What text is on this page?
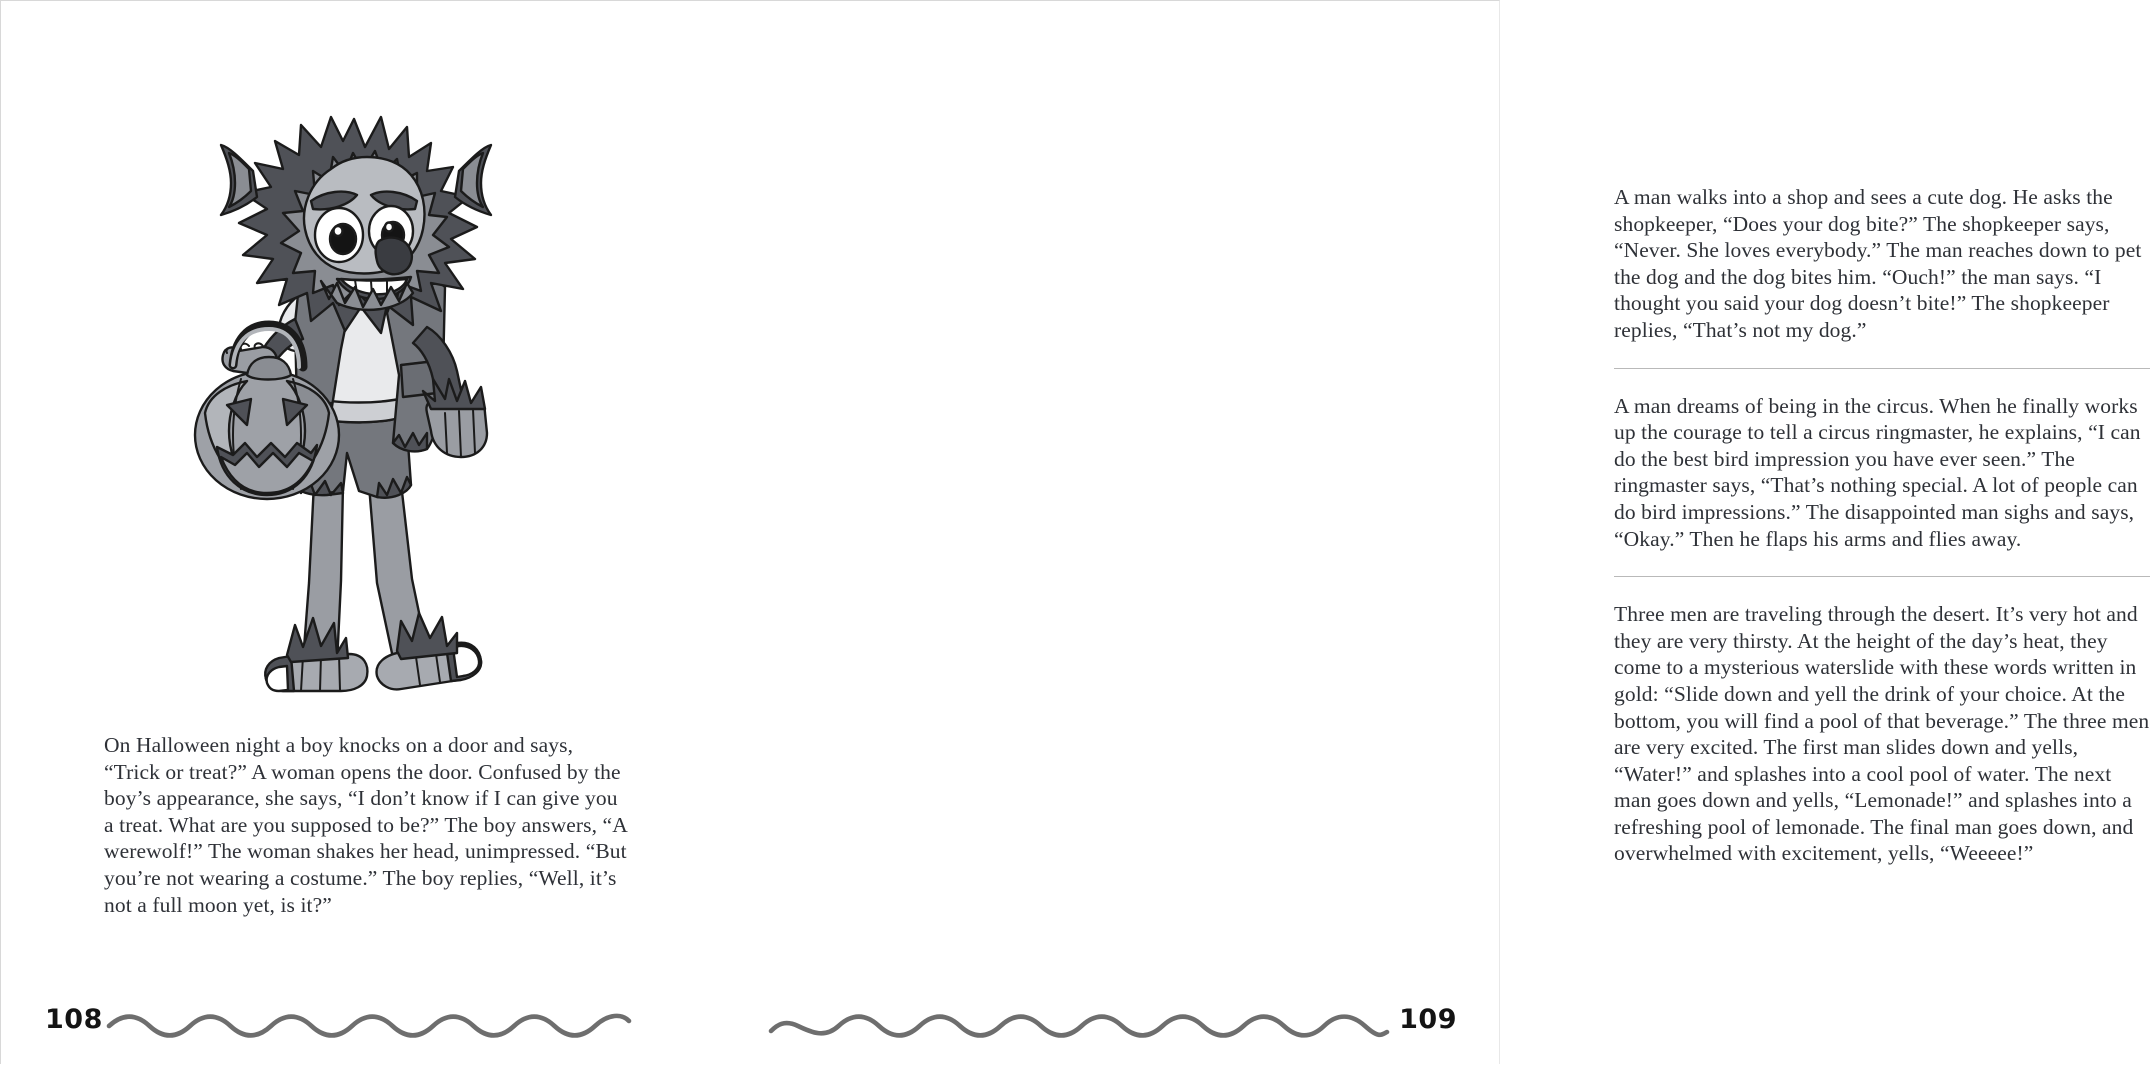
On Halloween night a boy knocks on a door and says, “Trick or treat?” A woman opens the door. Confused by the boy’s appearance, she says, “I don’t know if I can give you a treat. What are you supposed to be?” The boy answers, “A werewolf!” The woman shakes her head, unimpressed. “But you’re not wearing a costume.” The boy replies, “Well, it’s not a full moon yet, is it?”

108

A man walks into a shop and sees a cute dog. He asks the shopkeeper, “Does your dog bite?” The shopkeeper says, “Never. She loves everybody.” The man reaches down to pet the dog and the dog bites him. “Ouch!” the man says. “I thought you said your dog doesn’t bite!” The shopkeeper replies, “That’s not my dog.”

A man dreams of being in the circus. When he finally works up the courage to tell a circus ringmaster, he explains, “I can do the best bird impression you have ever seen.” The ringmaster says, “That’s nothing special. A lot of people can do bird impressions.” The disappointed man sighs and says, “Okay.” Then he flaps his arms and flies away.

Three men are traveling through the desert. It’s very hot and they are very thirsty. At the height of the day’s heat, they come to a mysterious waterslide with these words written in gold: “Slide down and yell the drink of your choice. At the bottom, you will find a pool of that beverage.” The three men are very excited. The first man slides down and yells, “Water!” and splashes into a cool pool of water. The next man goes down and yells, “Lemonade!” and splashes into a refreshing pool of lemonade. The final man goes down, and overwhelmed with excitement, yells, “Weeeee!”

109
